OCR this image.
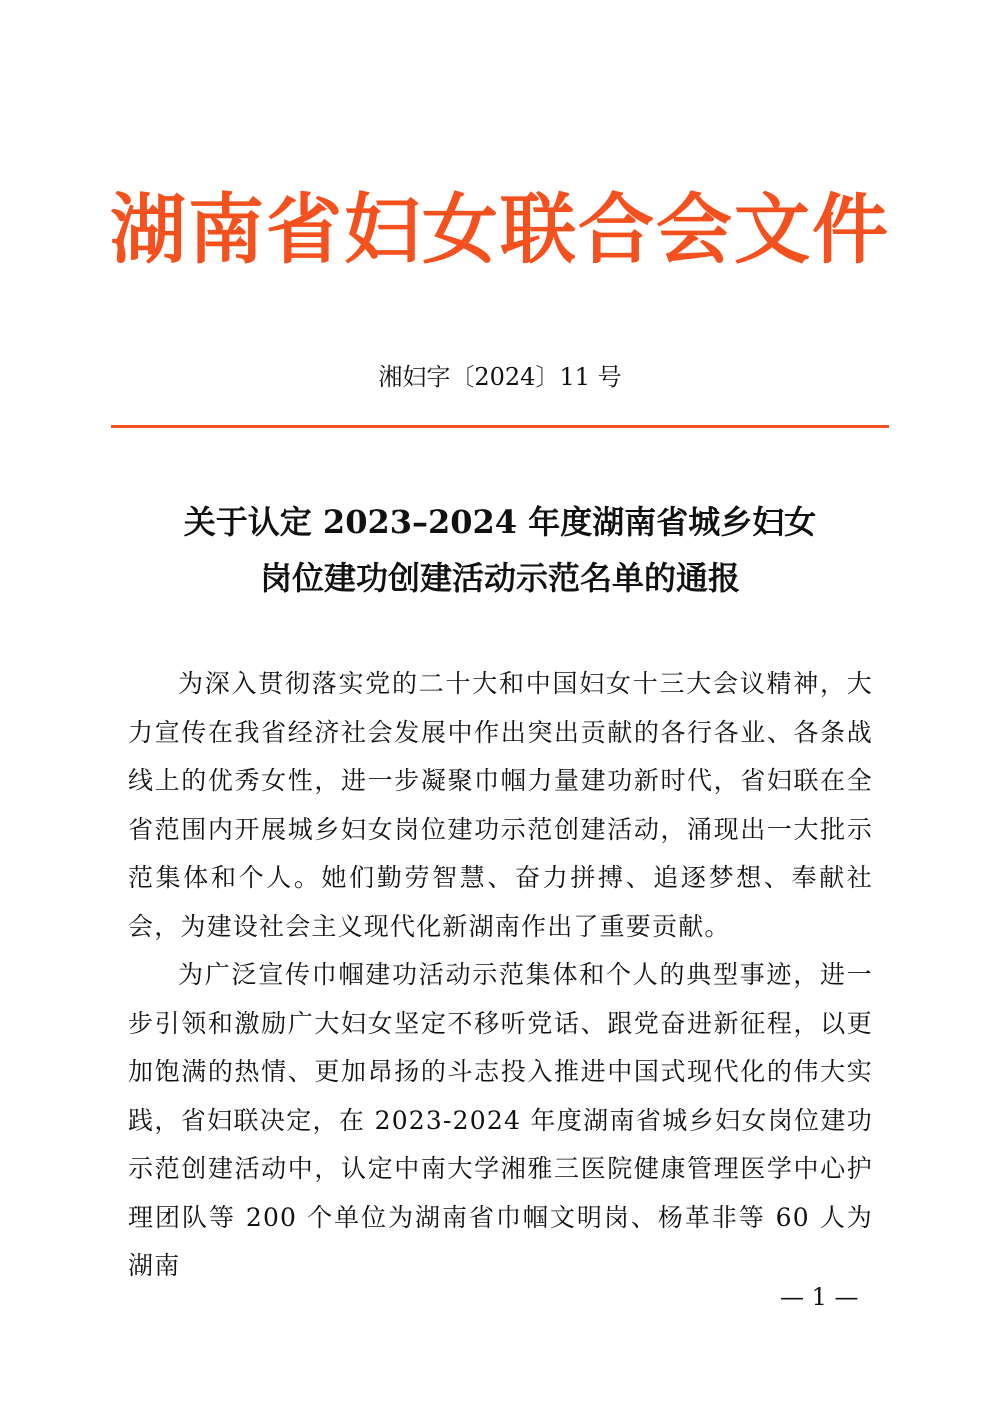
湖南省妇女联合会文件
湘妇字〔2024〕11 号
关于认定 2023–2024 年度湖南省城乡妇女
岗位建功创建活动示范名单的通报

为深入贯彻落实党的二十大和中国妇女十三大会议精神，大力宣传在我省经济社会发展中作出突出贡献的各行各业、各条战线上的优秀女性，进一步凝聚巾帼力量建功新时代，省妇联在全省范围内开展城乡妇女岗位建功示范创建活动，涌现出一大批示范集体和个人。她们勤劳智慧、奋力拼搏、追逐梦想、奉献社会，为建设社会主义现代化新湖南作出了重要贡献。

为广泛宣传巾帼建功活动示范集体和个人的典型事迹，进一步引领和激励广大妇女坚定不移听党话、跟党奋进新征程，以更加饱满的热情、更加昂扬的斗志投入推进中国式现代化的伟大实践，省妇联决定，在 2023-2024 年度湖南省城乡妇女岗位建功示范创建活动中，认定中南大学湘雅三医院健康管理医学中心护理团队等 200 个单位为湖南省巾帼文明岗、杨革非等 60 人为湖南

— 1 —
